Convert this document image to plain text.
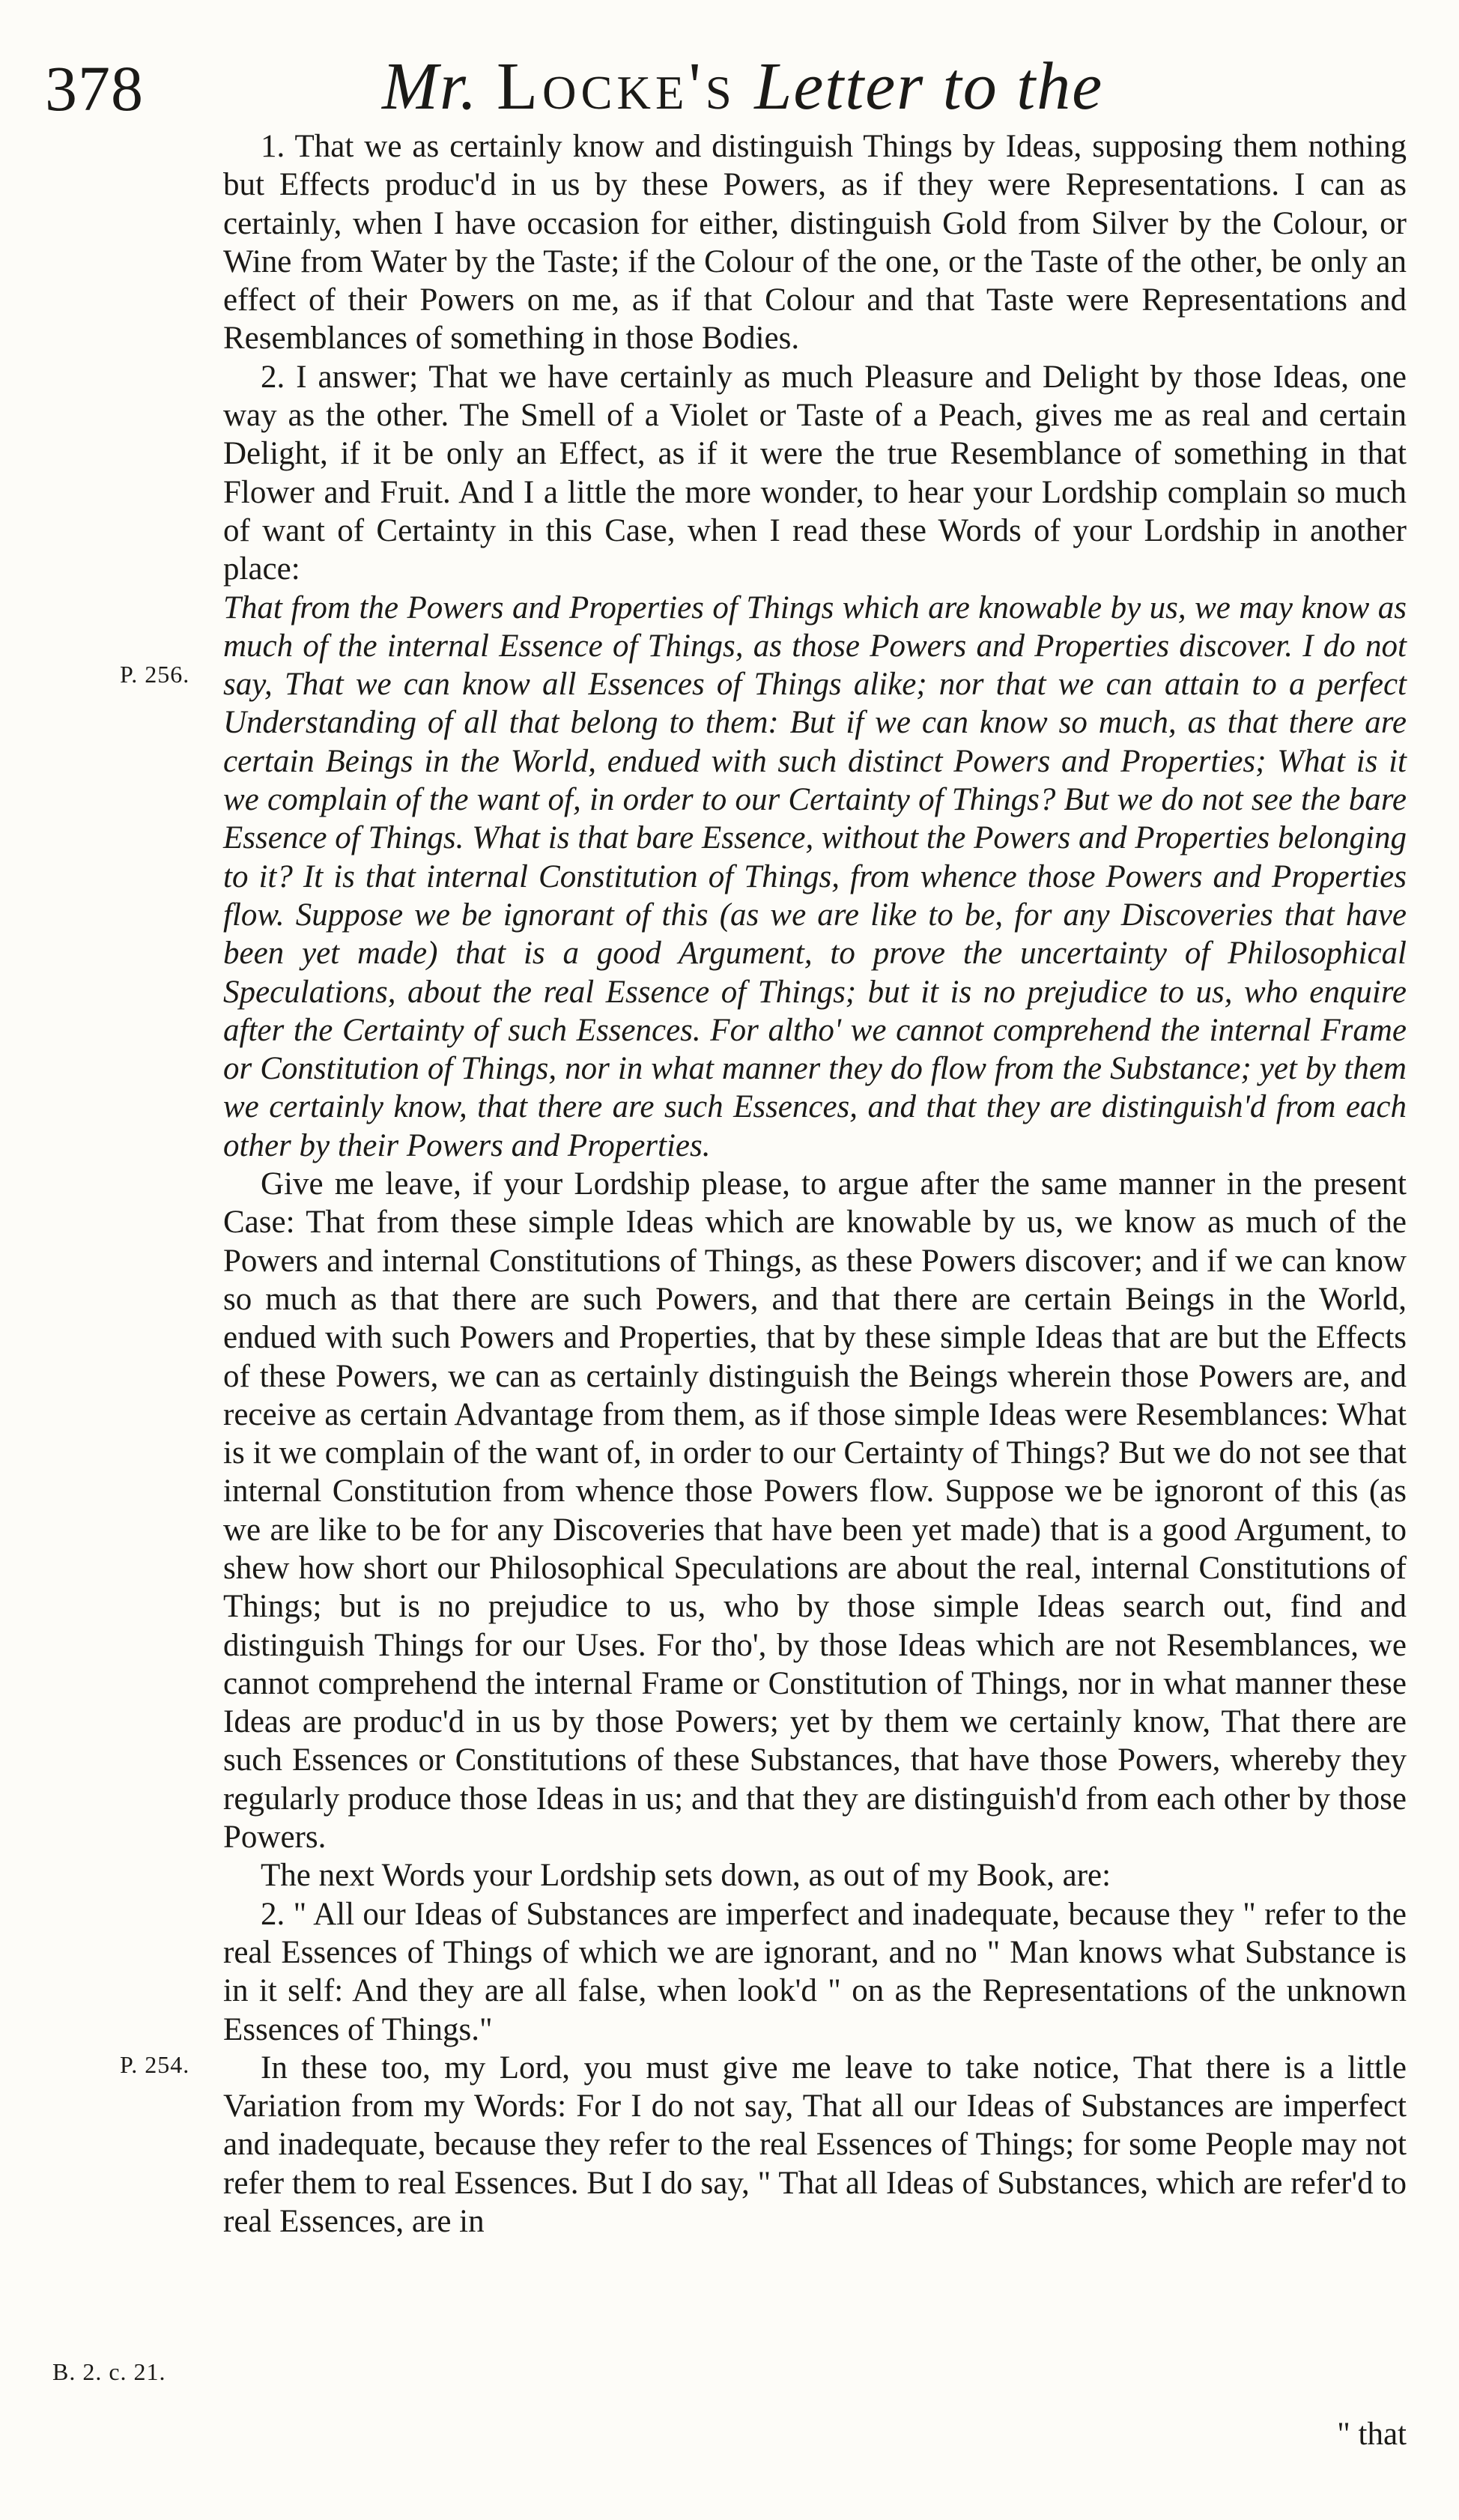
378	Mr. Locke's Letter to the
P. 256.
P. 254.
B. 2. c. 21.

1. That we as certainly know and distinguish Things by Ideas, supposing them nothing but Effects produc'd in us by these Powers, as if they were Representations. I can as certainly, when I have occasion for either, distinguish Gold from Silver by the Colour, or Wine from Water by the Taste; if the Colour of the one, or the Taste of the other, be only an effect of their Powers on me, as if that Colour and that Taste were Representations and Resemblances of something in those Bodies.

2. I answer; That we have certainly as much Pleasure and Delight by those Ideas, one way as the other. The Smell of a Violet or Taste of a Peach, gives me as real and certain Delight, if it be only an Effect, as if it were the true Resemblance of something in that Flower and Fruit. And I a little the more wonder, to hear your Lordship complain so much of want of Certainty in this Case, when I read these Words of your Lordship in another place:

That from the Powers and Properties of Things which are knowable by us, we may know as much of the internal Essence of Things, as those Powers and Properties discover. I do not say, That we can know all Essences of Things alike; nor that we can attain to a perfect Understanding of all that belong to them: But if we can know so much, as that there are certain Beings in the World, endued with such distinct Powers and Properties; What is it we complain of the want of, in order to our Certainty of Things? But we do not see the bare Essence of Things. What is that bare Essence, without the Powers and Properties belonging to it? It is that internal Constitution of Things, from whence those Powers and Properties flow. Suppose we be ignorant of this (as we are like to be, for any Discoveries that have been yet made) that is a good Argument, to prove the uncertainty of Philosophical Speculations, about the real Essence of Things; but it is no prejudice to us, who enquire after the Certainty of such Essences. For altho' we cannot comprehend the internal Frame or Constitution of Things, nor in what manner they do flow from the Substance; yet by them we certainly know, that there are such Essences, and that they are distinguish'd from each other by their Powers and Properties.

Give me leave, if your Lordship please, to argue after the same manner in the present Case: That from these simple Ideas which are knowable by us, we know as much of the Powers and internal Constitutions of Things, as these Powers discover; and if we can know so much as that there are such Powers, and that there are certain Beings in the World, endued with such Powers and Properties, that by these simple Ideas that are but the Effects of these Powers, we can as certainly distinguish the Beings wherein those Powers are, and receive as certain Advantage from them, as if those simple Ideas were Resemblances: What is it we complain of the want of, in order to our Certainty of Things? But we do not see that internal Constitution from whence those Powers flow. Suppose we be ignoront of this (as we are like to be for any Discoveries that have been yet made) that is a good Argument, to shew how short our Philosophical Speculations are about the real, internal Constitutions of Things; but is no prejudice to us, who by those simple Ideas search out, find and distinguish Things for our Uses. For tho', by those Ideas which are not Resemblances, we cannot comprehend the internal Frame or Constitution of Things, nor in what manner these Ideas are produc'd in us by those Powers; yet by them we certainly know, That there are such Essences or Constitutions of these Substances, that have those Powers, whereby they regularly produce those Ideas in us; and that they are distinguish'd from each other by those Powers.

The next Words your Lordship sets down, as out of my Book, are:

2. " All our Ideas of Substances are imperfect and inadequate, because they " refer to the real Essences of Things of which we are ignorant, and no " Man knows what Substance is in it self: And they are all false, when look'd " on as the Representations of the unknown Essences of Things."

In these too, my Lord, you must give me leave to take notice, That there is a little Variation from my Words: For I do not say, That all our Ideas of Substances are imperfect and inadequate, because they refer to the real Essences of Things; for some People may not refer them to real Essences. But I do say, " That all Ideas of Substances, which are refer'd to real Essences, are in

" that
